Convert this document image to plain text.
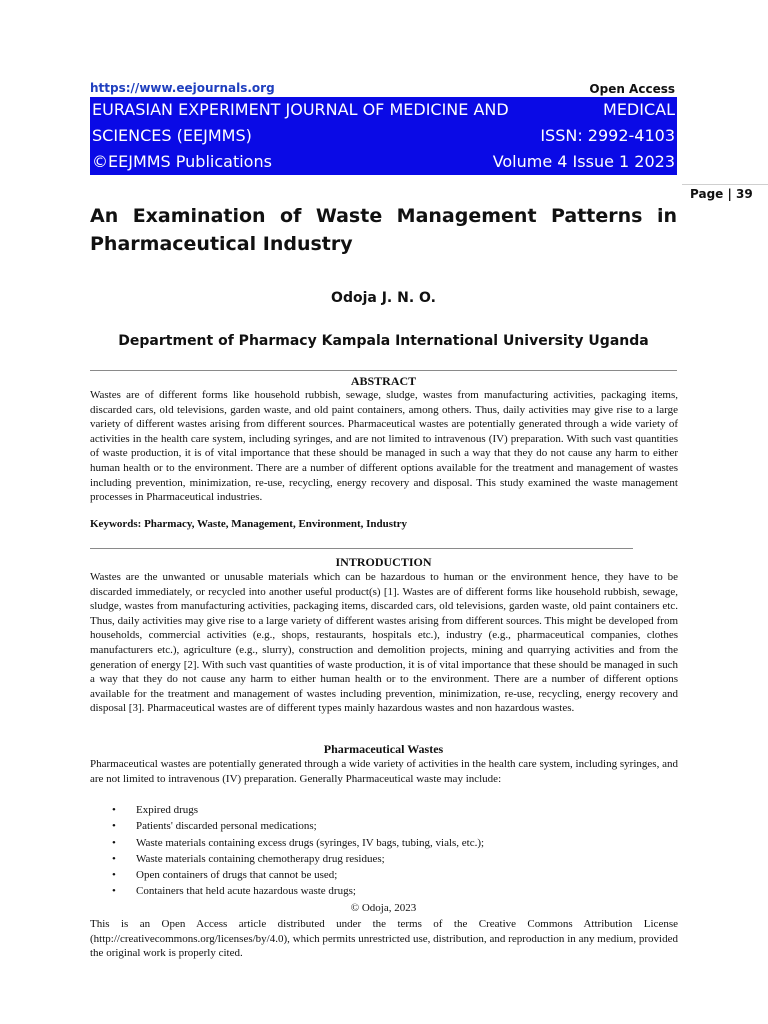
https://www.eejournals.org	Open Access
EURASIAN EXPERIMENT JOURNAL OF MEDICINE AND	MEDICAL
SCIENCES (EEJMMS)	ISSN: 2992-4103
©EEJMMS Publications	Volume 4 Issue 1 2023
Page | 39
An Examination of Waste Management Patterns in Pharmaceutical Industry
Odoja J. N. O.
Department of Pharmacy Kampala International University Uganda
ABSTRACT
Wastes are of different forms like household rubbish, sewage, sludge, wastes from manufacturing activities, packaging items, discarded cars, old televisions, garden waste, and old paint containers, among others. Thus, daily activities may give rise to a large variety of different wastes arising from different sources. Pharmaceutical wastes are potentially generated through a wide variety of activities in the health care system, including syringes, and are not limited to intravenous (IV) preparation. With such vast quantities of waste production, it is of vital importance that these should be managed in such a way that they do not cause any harm to either human health or to the environment. There are a number of different options available for the treatment and management of wastes including prevention, minimization, re-use, recycling, energy recovery and disposal. This study examined the waste management processes in Pharmaceutical industries.
Keywords: Pharmacy, Waste, Management, Environment, Industry
INTRODUCTION
Wastes are the unwanted or unusable materials which can be hazardous to human or the environment hence, they have to be discarded immediately, or recycled into another useful product(s) [1]. Wastes are of different forms like household rubbish, sewage, sludge, wastes from manufacturing activities, packaging items, discarded cars, old televisions, garden waste, old paint containers etc. Thus, daily activities may give rise to a large variety of different wastes arising from different sources. This might be developed from households, commercial activities (e.g., shops, restaurants, hospitals etc.), industry (e.g., pharmaceutical companies, clothes manufacturers etc.), agriculture (e.g., slurry), construction and demolition projects, mining and quarrying activities and from the generation of energy [2]. With such vast quantities of waste production, it is of vital importance that these should be managed in such a way that they do not cause any harm to either human health or to the environment. There are a number of different options available for the treatment and management of wastes including prevention, minimization, re-use, recycling, energy recovery and disposal [3]. Pharmaceutical wastes are of different types mainly hazardous wastes and non hazardous wastes.
Pharmaceutical Wastes
Pharmaceutical wastes are potentially generated through a wide variety of activities in the health care system, including syringes, and are not limited to intravenous (IV) preparation. Generally Pharmaceutical waste may include:
• Expired drugs
• Patients' discarded personal medications;
• Waste materials containing excess drugs (syringes, IV bags, tubing, vials, etc.);
• Waste materials containing chemotherapy drug residues;
• Open containers of drugs that cannot be used;
• Containers that held acute hazardous waste drugs;
© Odoja, 2023
This is an Open Access article distributed under the terms of the Creative Commons Attribution License (http://creativecommons.org/licenses/by/4.0), which permits unrestricted use, distribution, and reproduction in any medium, provided the original work is properly cited.
